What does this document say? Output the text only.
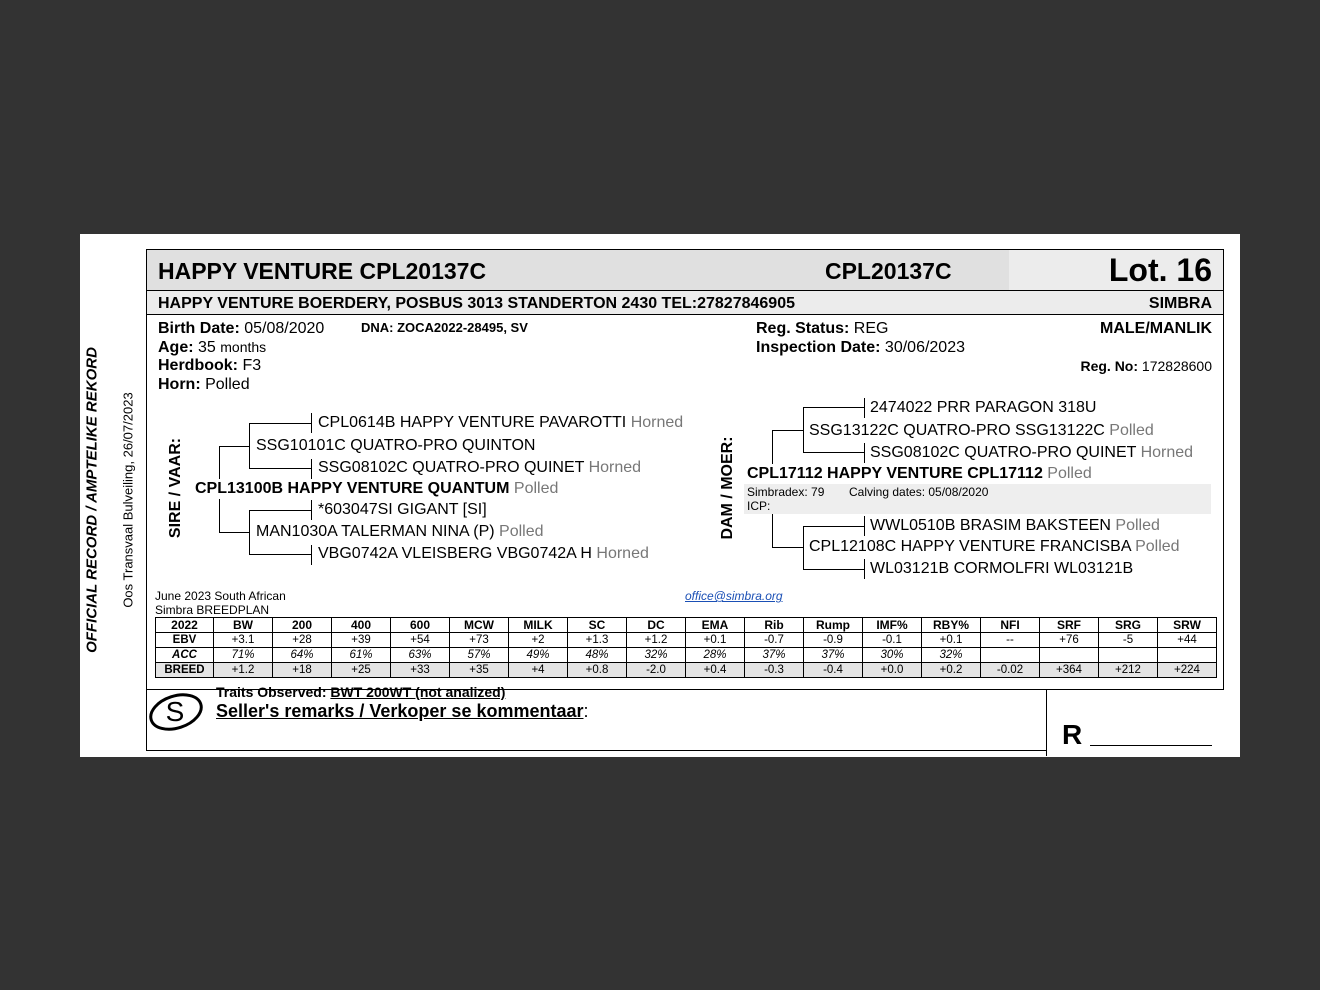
OFFICIAL RECORD / AMPTELIKE REKORD Oos Transvaal Bulveiling, 26/07/2023
HAPPY VENTURE CPL20137C	CPL20137C	Lot. 16
HAPPY VENTURE BOERDERY, POSBUS 3013 STANDERTON 2430 TEL:27827846905	SIMBRA
Birth Date: 05/08/2020	DNA: ZOCA2022-28495, SV
Age: 35 months
Herdbook: F3
Horn: Polled
Reg. Status: REG
Inspection Date: 30/06/2023
MALE/MANLIK
Reg. No: 172828600
SIRE / VAAR:
CPL0614B HAPPY VENTURE PAVAROTTI Horned
SSG10101C QUATRO-PRO QUINTON
SSG08102C QUATRO-PRO QUINET Horned
CPL13100B HAPPY VENTURE QUANTUM Polled
*603047SI GIGANT [SI]
MAN1030A TALERMAN NINA (P) Polled
VBG0742A VLEISBERG VBG0742A H Horned
DAM / MOER:
2474022 PRR PARAGON 318U
SSG13122C QUATRO-PRO SSG13122C Polled
SSG08102C QUATRO-PRO QUINET Horned
CPL17112 HAPPY VENTURE CPL17112 Polled
Simbradex: 79 Calving dates: 05/08/2020
ICP:
WWL0510B BRASIM BAKSTEEN Polled
CPL12108C HAPPY VENTURE FRANCISBA Polled
WL03121B CORMOLFRI WL03121B
June 2023 South African
Simbra BREEDPLAN
office@simbra.org
2022	BW	200	400	600	MCW	MILK	SC	DC	EMA	Rib	Rump	IMF%	RBY%	NFI	SRF	SRG	SRW
EBV	+3.1	+28	+39	+54	+73	+2	+1.3	+1.2	+0.1	-0.7	-0.9	-0.1	+0.1	--	+76	-5	+44
ACC	71%	64%	61%	63%	57%	49%	48%	32%	28%	37%	37%	30%	32%				
BREED	+1.2	+18	+25	+33	+35	+4	+0.8	-2.0	+0.4	-0.3	-0.4	+0.0	+0.2	-0.02	+364	+212	+224
S
Traits Observed: BWT 200WT (not analized)
Seller's remarks / Verkoper se kommentaar:
R
